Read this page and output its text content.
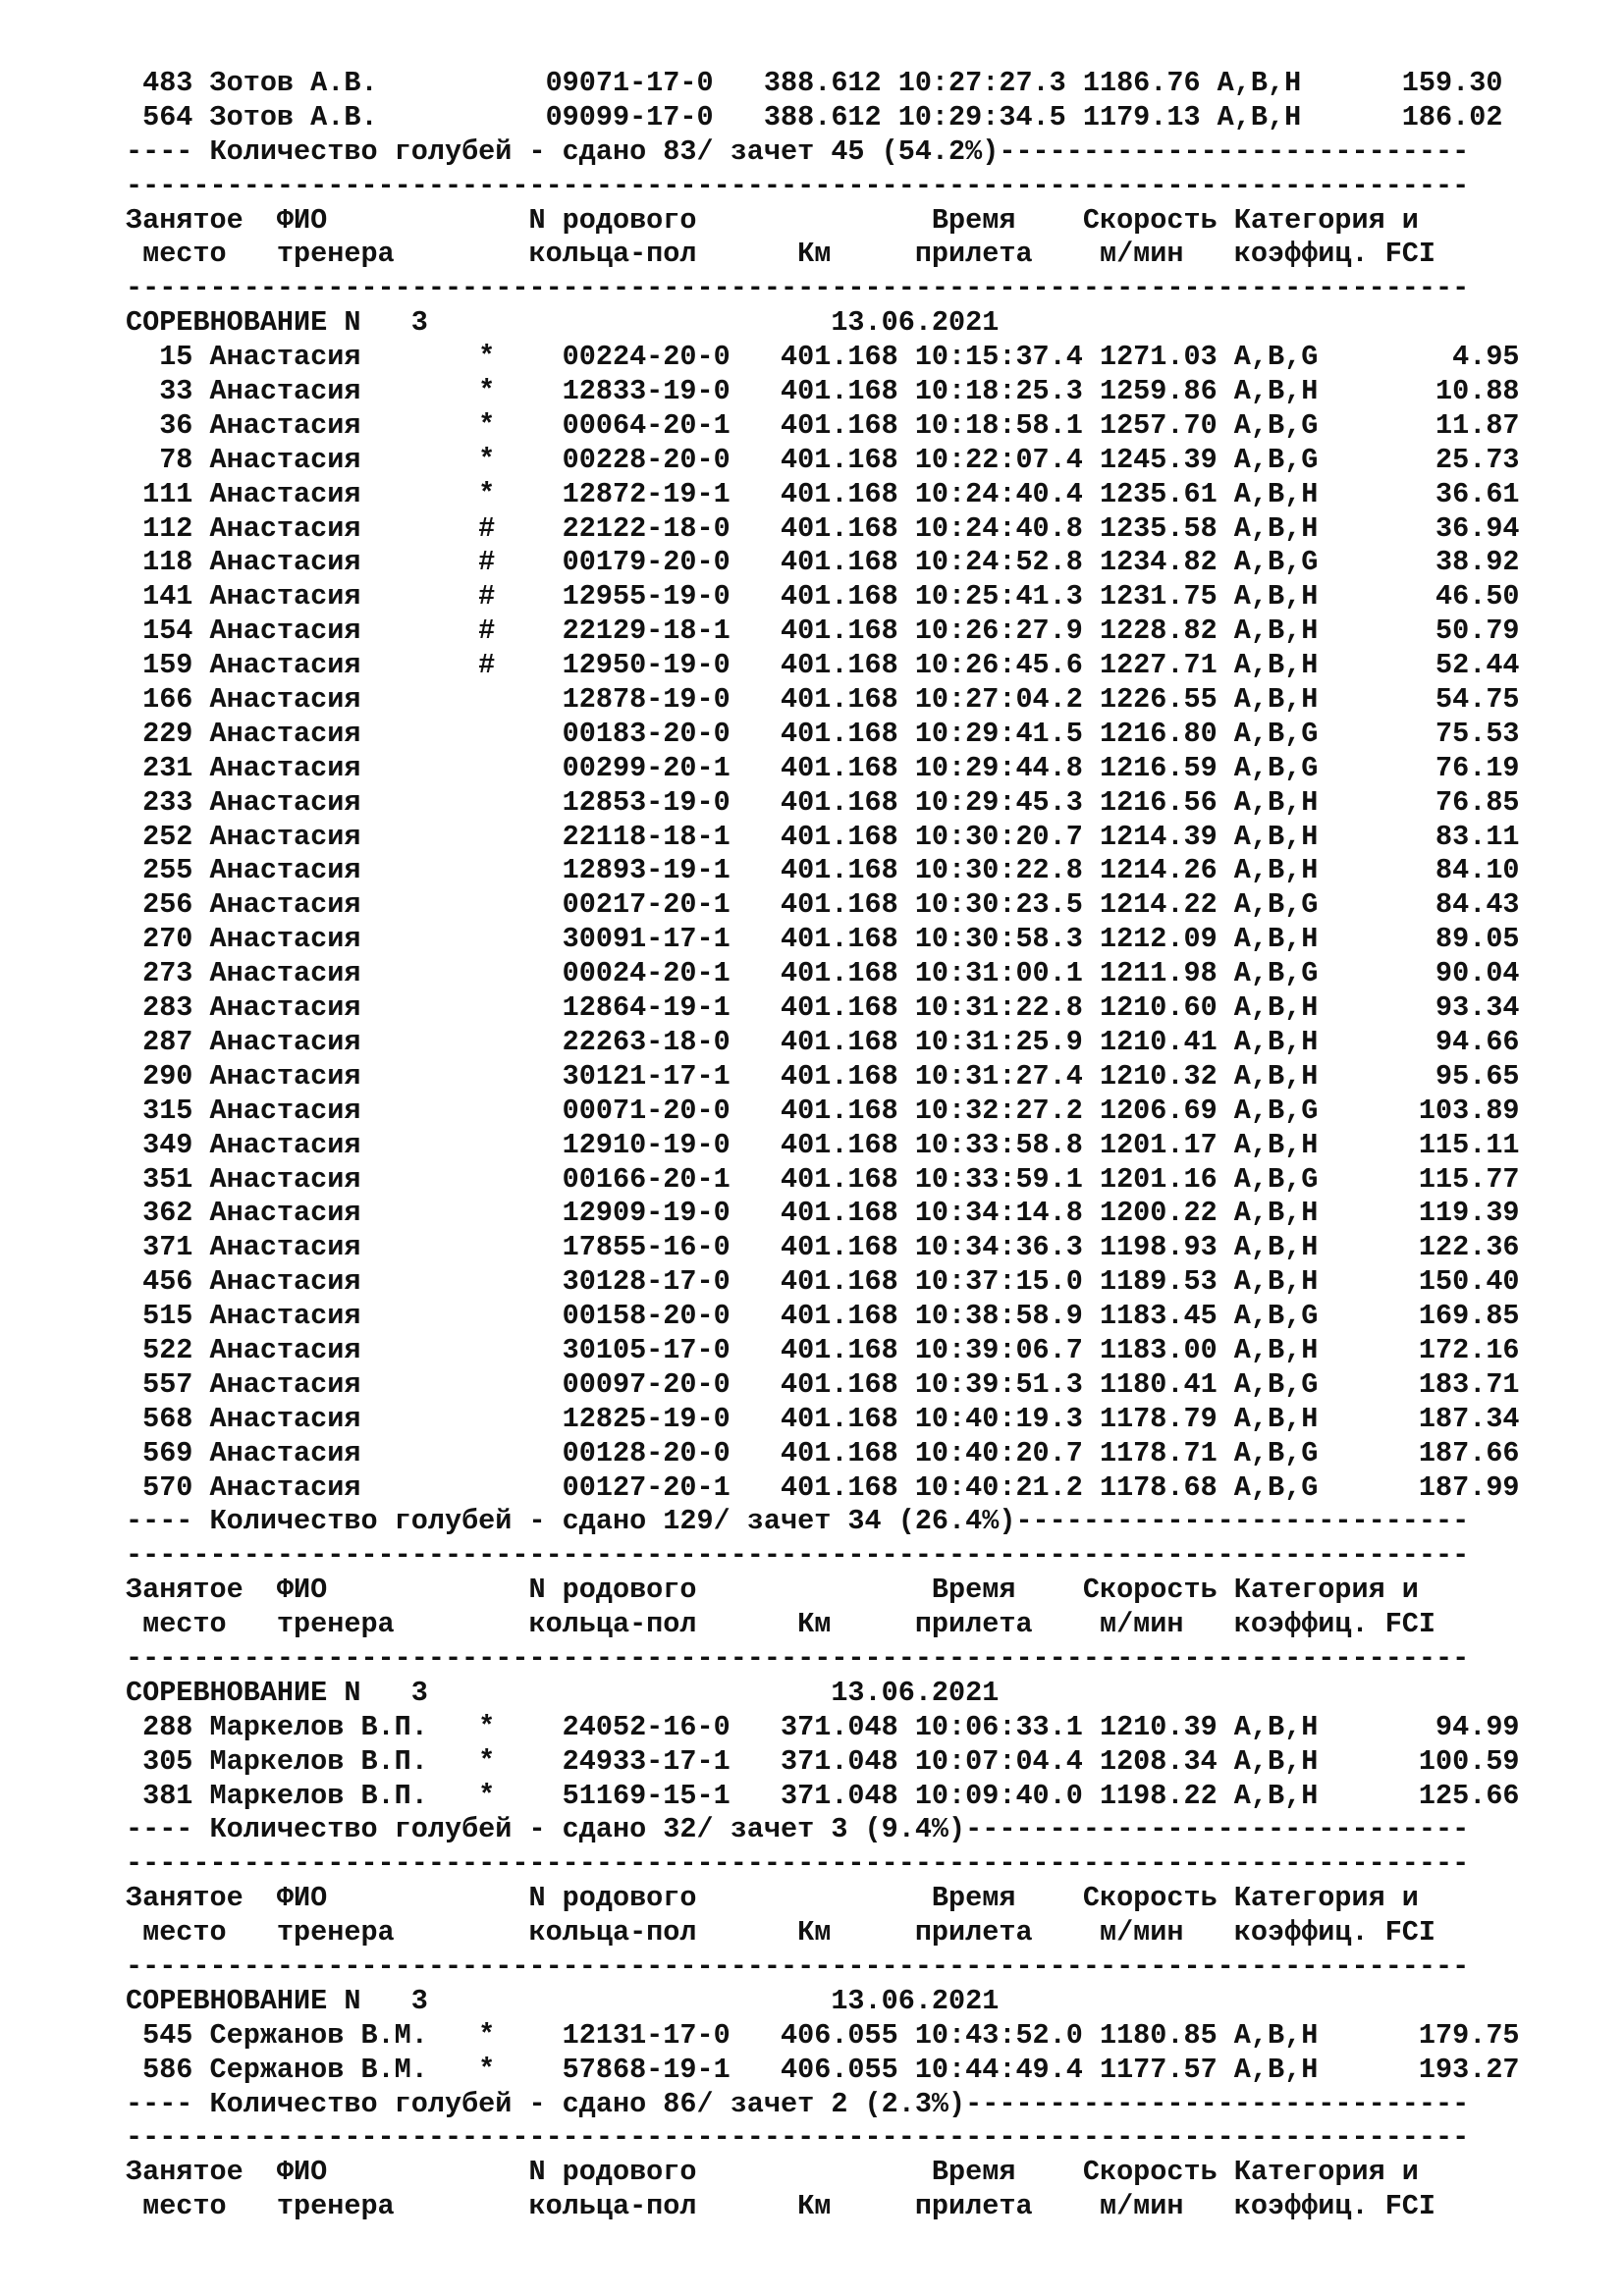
483 Зотов А.В.          09071-17-0   388.612 10:27:27.3 1186.76 A,B,H      159.30
564 Зотов А.В.          09099-17-0   388.612 10:29:34.5 1179.13 A,B,H      186.02
---- Количество голубей - сдано 83/ зачет 45 (54.2%)----------------------------
--------------------------------------------------------------------------------
Занятое  ФИО            N родового              Время    Скорость Категория и
место   тренера        кольца-пол      Км     прилета    м/мин   коэффиц. FCI
--------------------------------------------------------------------------------
СОРЕВНОВАНИЕ N   3                        13.06.2021
15 Анастасия       *    00224-20-0   401.168 10:15:37.4 1271.03 A,B,G        4.95
33 Анастасия       *    12833-19-0   401.168 10:18:25.3 1259.86 A,B,H       10.88
36 Анастасия       *    00064-20-1   401.168 10:18:58.1 1257.70 A,B,G       11.87
78 Анастасия       *    00228-20-0   401.168 10:22:07.4 1245.39 A,B,G       25.73
111 Анастасия       *    12872-19-1   401.168 10:24:40.4 1235.61 A,B,H       36.61
112 Анастасия       #    22122-18-0   401.168 10:24:40.8 1235.58 A,B,H       36.94
118 Анастасия       #    00179-20-0   401.168 10:24:52.8 1234.82 A,B,G       38.92
141 Анастасия       #    12955-19-0   401.168 10:25:41.3 1231.75 A,B,H       46.50
154 Анастасия       #    22129-18-1   401.168 10:26:27.9 1228.82 A,B,H       50.79
159 Анастасия       #    12950-19-0   401.168 10:26:45.6 1227.71 A,B,H       52.44
166 Анастасия            12878-19-0   401.168 10:27:04.2 1226.55 A,B,H       54.75
229 Анастасия            00183-20-0   401.168 10:29:41.5 1216.80 A,B,G       75.53
231 Анастасия            00299-20-1   401.168 10:29:44.8 1216.59 A,B,G       76.19
233 Анастасия            12853-19-0   401.168 10:29:45.3 1216.56 A,B,H       76.85
252 Анастасия            22118-18-1   401.168 10:30:20.7 1214.39 A,B,H       83.11
255 Анастасия            12893-19-1   401.168 10:30:22.8 1214.26 A,B,H       84.10
256 Анастасия            00217-20-1   401.168 10:30:23.5 1214.22 A,B,G       84.43
270 Анастасия            30091-17-1   401.168 10:30:58.3 1212.09 A,B,H       89.05
273 Анастасия            00024-20-1   401.168 10:31:00.1 1211.98 A,B,G       90.04
283 Анастасия            12864-19-1   401.168 10:31:22.8 1210.60 A,B,H       93.34
287 Анастасия            22263-18-0   401.168 10:31:25.9 1210.41 A,B,H       94.66
290 Анастасия            30121-17-1   401.168 10:31:27.4 1210.32 A,B,H       95.65
315 Анастасия            00071-20-0   401.168 10:32:27.2 1206.69 A,B,G      103.89
349 Анастасия            12910-19-0   401.168 10:33:58.8 1201.17 A,B,H      115.11
351 Анастасия            00166-20-1   401.168 10:33:59.1 1201.16 A,B,G      115.77
362 Анастасия            12909-19-0   401.168 10:34:14.8 1200.22 A,B,H      119.39
371 Анастасия            17855-16-0   401.168 10:34:36.3 1198.93 A,B,H      122.36
456 Анастасия            30128-17-0   401.168 10:37:15.0 1189.53 A,B,H      150.40
515 Анастасия            00158-20-0   401.168 10:38:58.9 1183.45 A,B,G      169.85
522 Анастасия            30105-17-0   401.168 10:39:06.7 1183.00 A,B,H      172.16
557 Анастасия            00097-20-0   401.168 10:39:51.3 1180.41 A,B,G      183.71
568 Анастасия            12825-19-0   401.168 10:40:19.3 1178.79 A,B,H      187.34
569 Анастасия            00128-20-0   401.168 10:40:20.7 1178.71 A,B,G      187.66
570 Анастасия            00127-20-1   401.168 10:40:21.2 1178.68 A,B,G      187.99
---- Количество голубей - сдано 129/ зачет 34 (26.4%)---------------------------
--------------------------------------------------------------------------------
Занятое  ФИО            N родового              Время    Скорость Категория и
место   тренера        кольца-пол      Км     прилета    м/мин   коэффиц. FCI
--------------------------------------------------------------------------------
СОРЕВНОВАНИЕ N   3                        13.06.2021
288 Маркелов В.П.   *    24052-16-0   371.048 10:06:33.1 1210.39 A,B,H       94.99
305 Маркелов В.П.   *    24933-17-1   371.048 10:07:04.4 1208.34 A,B,H      100.59
381 Маркелов В.П.   *    51169-15-1   371.048 10:09:40.0 1198.22 A,B,H      125.66
---- Количество голубей - сдано 32/ зачет 3 (9.4%)------------------------------
--------------------------------------------------------------------------------
Занятое  ФИО            N родового              Время    Скорость Категория и
место   тренера        кольца-пол      Км     прилета    м/мин   коэффиц. FCI
--------------------------------------------------------------------------------
СОРЕВНОВАНИЕ N   3                        13.06.2021
545 Сержанов В.М.   *    12131-17-0   406.055 10:43:52.0 1180.85 A,B,H      179.75
586 Сержанов В.М.   *    57868-19-1   406.055 10:44:49.4 1177.57 A,B,H      193.27
---- Количество голубей - сдано 86/ зачет 2 (2.3%)------------------------------
--------------------------------------------------------------------------------
Занятое  ФИО            N родового              Время    Скорость Категория и
место   тренера        кольца-пол      Км     прилета    м/мин   коэффиц. FCI
